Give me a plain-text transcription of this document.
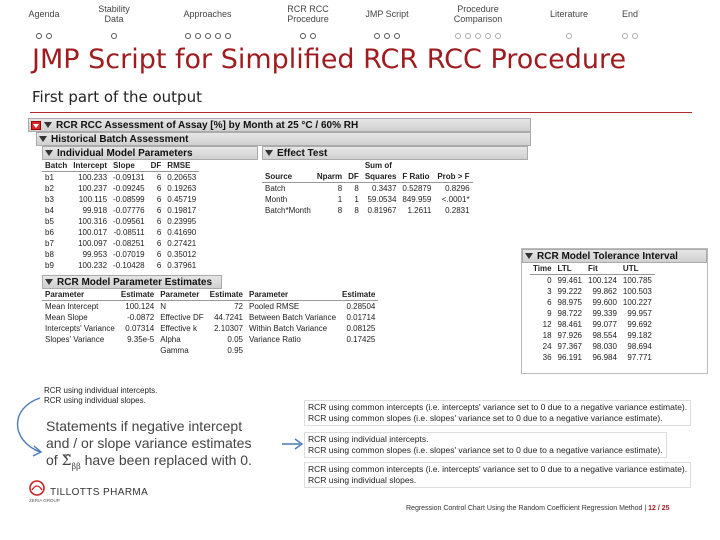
Agenda	Stability
Data	Approaches	RCR RCC
Procedure	JMP Script	Procedure
Comparison	Literature	End
JMP Script for Simplified RCR RCC Procedure
First part of the output
RCR RCC Assessment of Assay [%] by Month at 25 °C / 60% RH
Historical Batch Assessment
Individual Model Parameters
Batch	Intercept	Slope	DF	RMSE
b1	100.233	-0.09131	6	0.20653
b2	100.237	-0.09245	6	0.19263
b3	100.115	-0.08599	6	0.45719
b4	99.918	-0.07776	6	0.19817
b5	100.316	-0.09561	6	0.23995
b6	100.017	-0.08511	6	0.41690
b7	100.097	-0.08251	6	0.27421
b8	99.953	-0.07019	6	0.35012
b9	100.232	-0.10428	6	0.37961
Effect Test
			Sum of		
Source	Nparm	DF	Squares	F Ratio	Prob > F
Batch	8	8	0.3437	0.52879	0.8296
Month	1	1	59.0534	849.959	<.0001*
Batch*Month	8	8	0.81967	1.2611	0.2831
RCR Model Parameter Estimates
Parameter	Estimate	Parameter	Estimate	Parameter	Estimate
Mean Intercept	100.124	N	72	Pooled RMSE	0.28504
Mean Slope	-0.0872	Effective DF	44.7241	Between Batch Variance	0.01714
Intercepts' Variance	0.07314	Effective k	2.10307	Within Batch Variance	0.08125
Slopes' Variance	9.35e-5	Alpha	0.05	Variance Ratio	0.17425
		Gamma	0.95		
RCR using individual intercepts.
RCR using individual slopes.
RCR Model Tolerance Interval
Time	LTL	Fit	UTL
0	99.461	100.124	100.785
3	99.222	99.862	100.503
6	98.975	99.600	100.227
9	98.722	99.339	99.957
12	98.461	99.077	99.692
18	97.926	98.554	99.182
24	97.367	98.030	98.694
36	96.191	96.984	97.771
Statements if negative intercept
and / or slope variance estimates
of $\Sigmâ_{\beta\beta}$ have been replaced with 0.
RCR using common intercepts (i.e. intercepts' variance set to 0 due to a negative variance estimate).
RCR using common slopes (i.e. slopes' variance set to 0 due to a negative variance estimate).
RCR using individual intercepts.
RCR using common slopes (i.e. slopes' variance set to 0 due to a negative variance estimate).
RCR using common intercepts (i.e. intercepts' variance set to 0 due to a negative variance estimate).
RCR using individual slopes.
ZERIA GROUP
TILLOTTS PHARMA
Regression Control Chart Using the Random Coefficient Regression Method | 12 / 25
